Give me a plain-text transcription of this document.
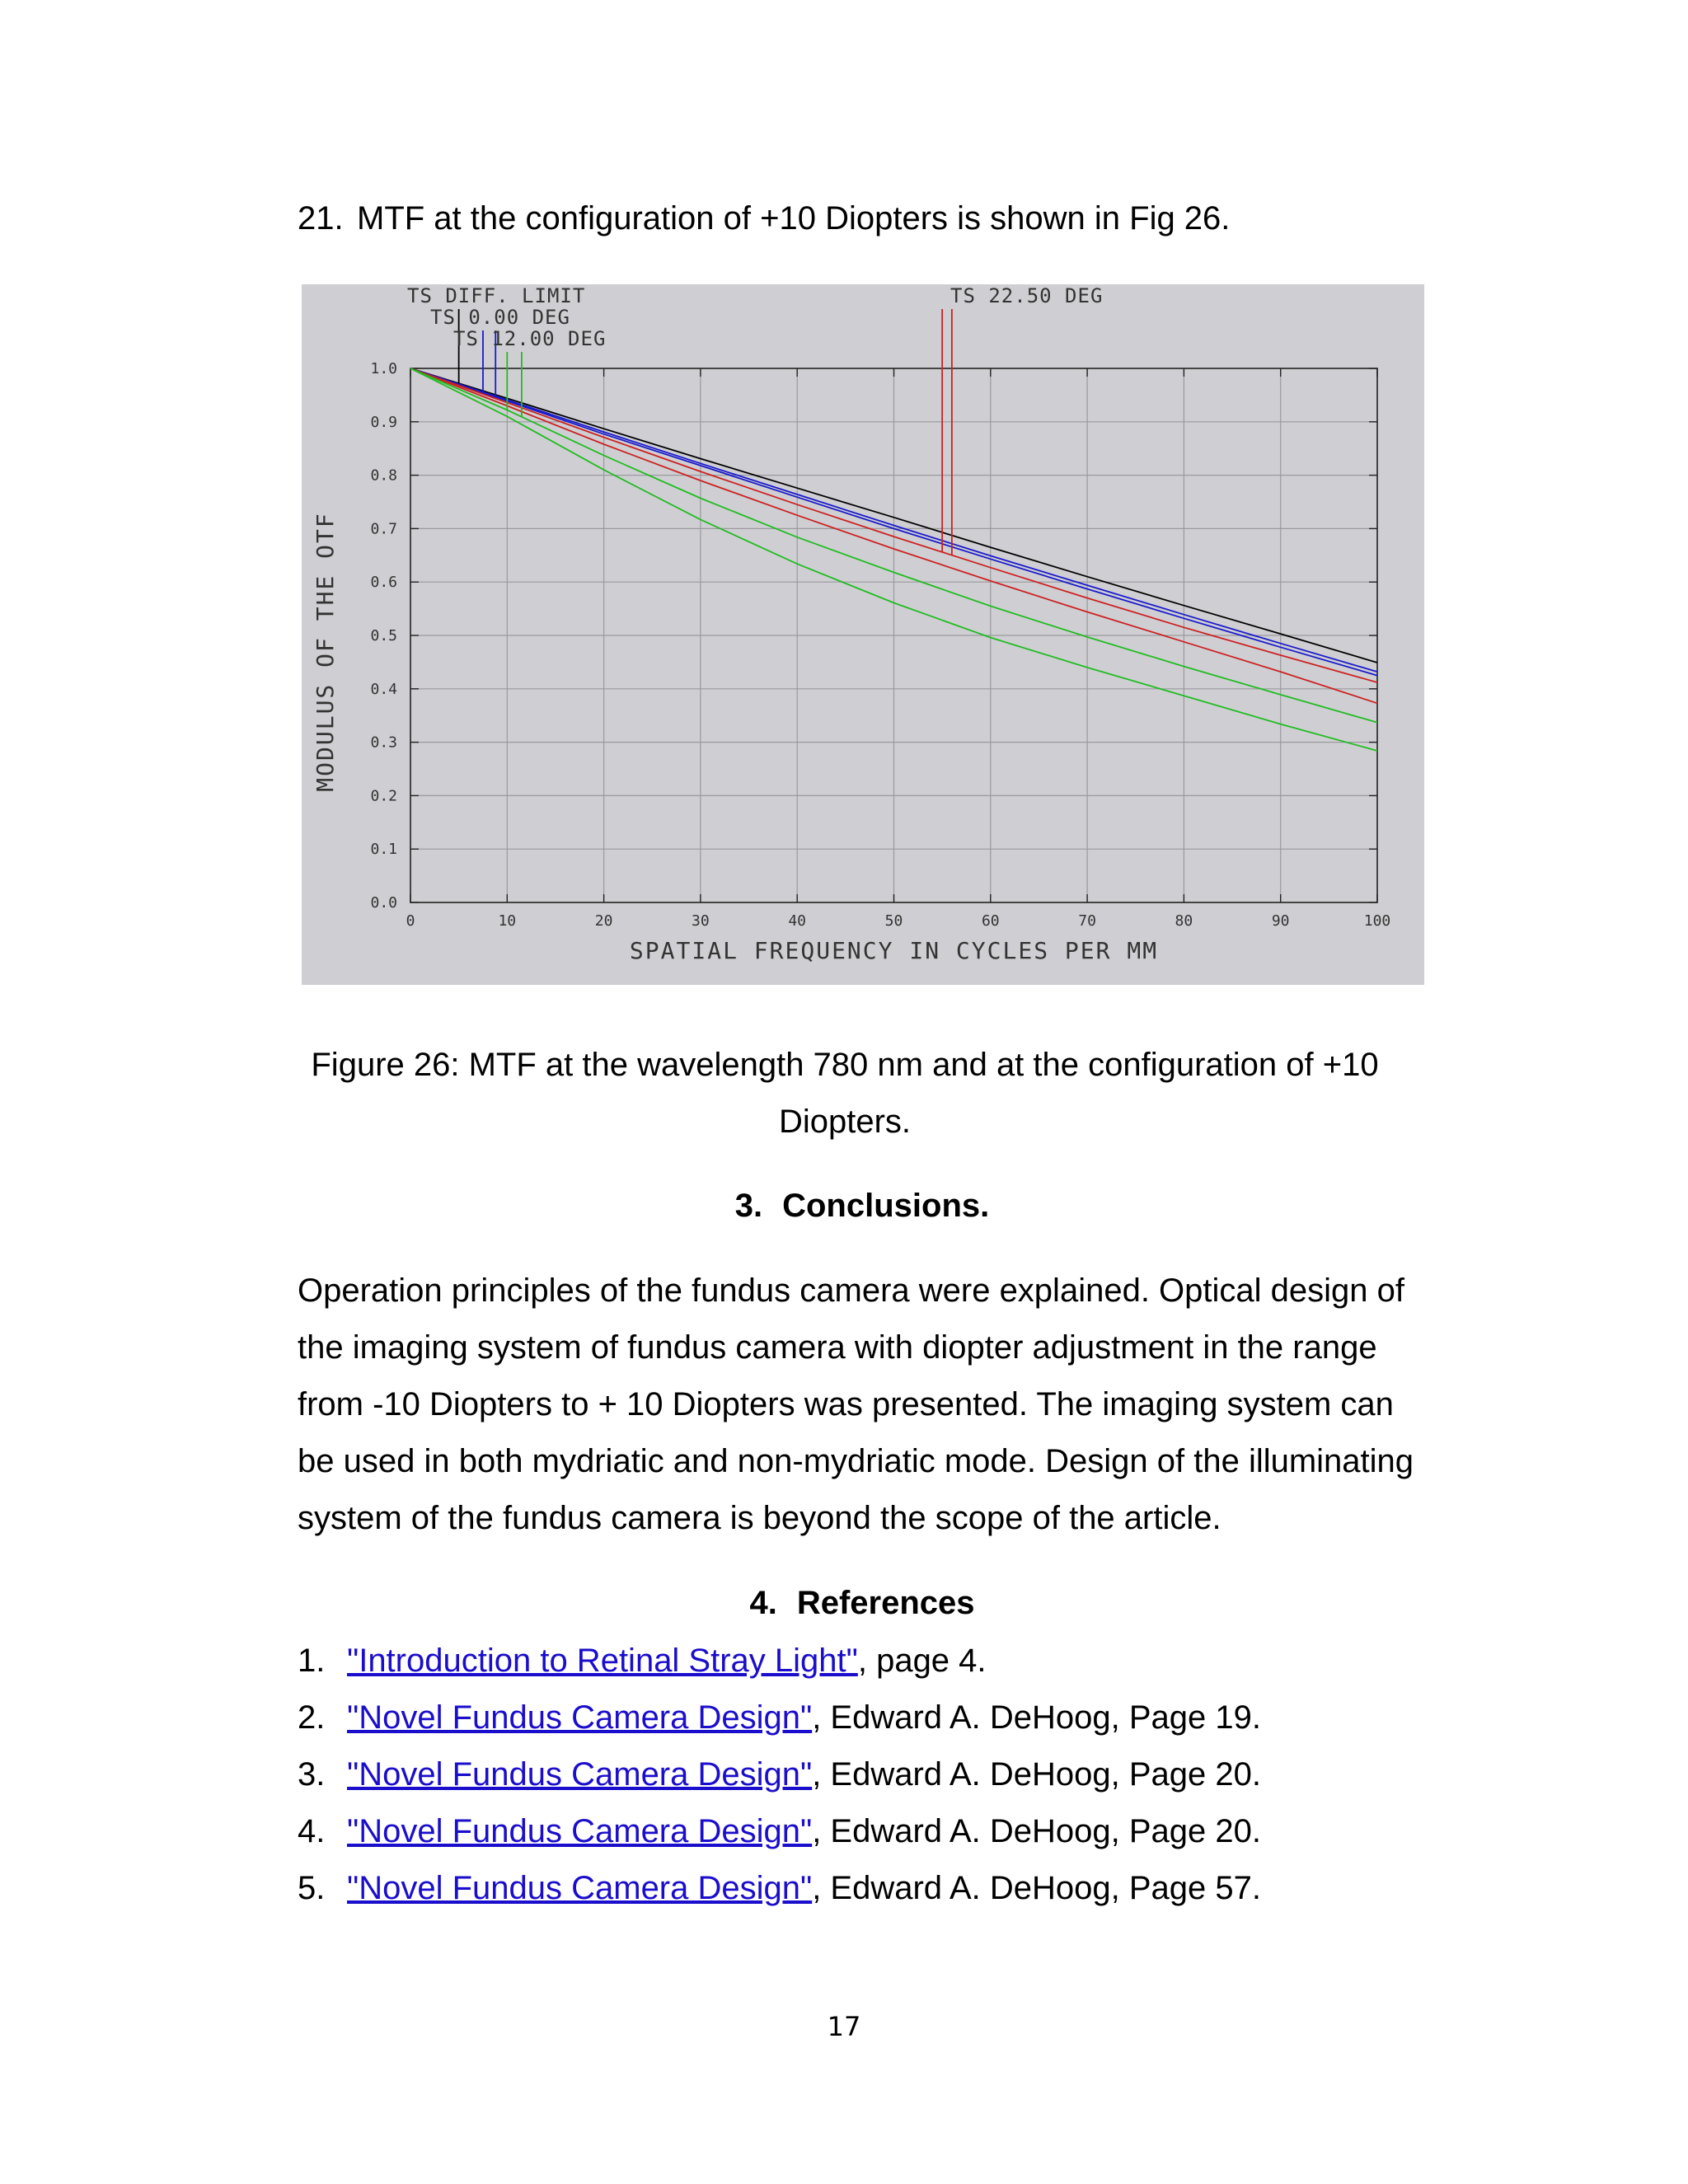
21. MTF at the configuration of +10 Diopters is shown in Fig 26.

0	10	20	30	40	50	60	70	80	90	100
0.0
0.1
0.2
0.3
0.4
0.5
0.6
0.7
0.8
0.9
1.0
SPATIAL FREQUENCY IN CYCLES PER MM
MODULUS OF THE OTF
TS DIFF. LIMIT
TS 0.00 DEG
TS 12.00 DEG
TS 22.50 DEG

Figure 26: MTF at the wavelength 780 nm and at the configuration of +10 Diopters.

3. Conclusions.

Operation principles of the fundus camera were explained. Optical design of the imaging system of fundus camera with diopter adjustment in the range from -10 Diopters to + 10 Diopters was presented. The imaging system can be used in both mydriatic and non-mydriatic mode. Design of the illuminating system of the fundus camera is beyond the scope of the article.

4. References
1. "Introduction to Retinal Stray Light", page 4.
2. "Novel Fundus Camera Design", Edward A. DeHoog, Page 19.
3. "Novel Fundus Camera Design", Edward A. DeHoog, Page 20.
4. "Novel Fundus Camera Design", Edward A. DeHoog, Page 20.
5. "Novel Fundus Camera Design", Edward A. DeHoog, Page 57.
17
